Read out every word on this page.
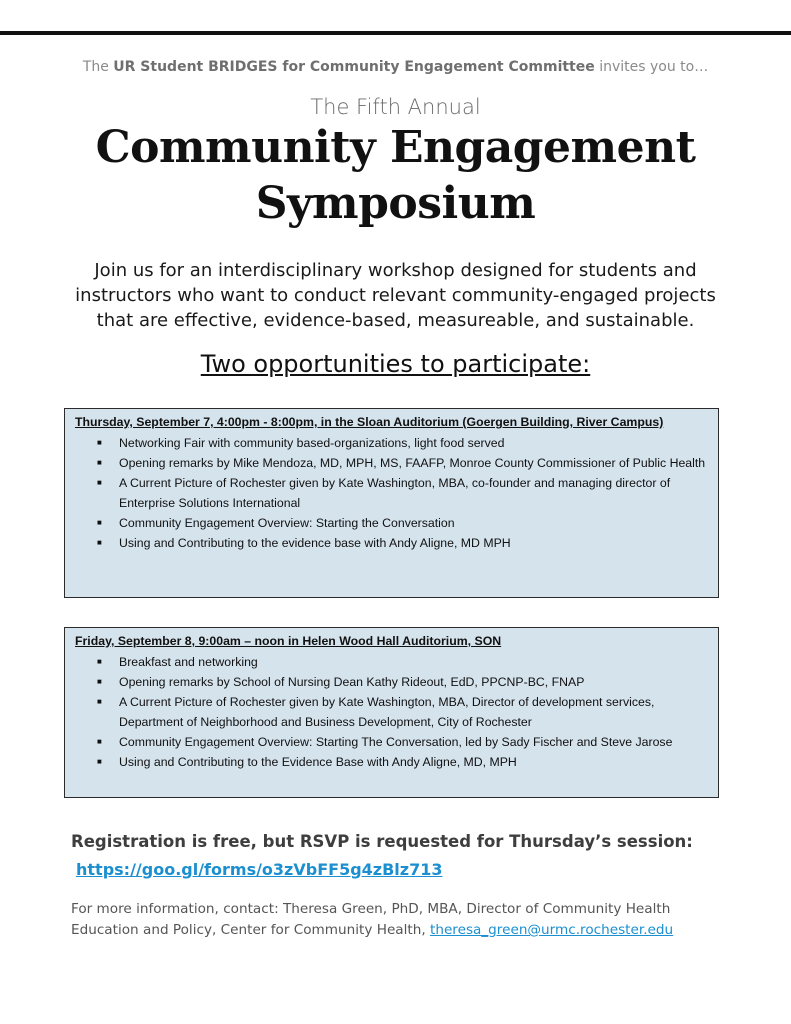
The UR Student BRIDGES for Community Engagement Committee invites you to…
The Fifth Annual
Community Engagement
Symposium
Join us for an interdisciplinary workshop designed for students and instructors who want to conduct relevant community-engaged projects that are effective, evidence-based, measureable, and sustainable.
Two opportunities to participate:
Thursday, September 7, 4:00pm - 8:00pm, in the Sloan Auditorium (Goergen Building, River Campus)
■ Networking Fair with community based-organizations, light food served
■ Opening remarks by Mike Mendoza, MD, MPH, MS, FAAFP, Monroe County Commissioner of Public Health
■ A Current Picture of Rochester given by Kate Washington, MBA, co-founder and managing director of Enterprise Solutions International
■ Community Engagement Overview: Starting the Conversation
■ Using and Contributing to the evidence base with Andy Aligne, MD MPH
Friday, September 8, 9:00am – noon in Helen Wood Hall Auditorium, SON
■ Breakfast and networking
■ Opening remarks by School of Nursing Dean Kathy Rideout, EdD, PPCNP-BC, FNAP
■ A Current Picture of Rochester given by Kate Washington, MBA, Director of development services, Department of Neighborhood and Business Development, City of Rochester
■ Community Engagement Overview: Starting The Conversation, led by Sady Fischer and Steve Jarose
■ Using and Contributing to the Evidence Base with Andy Aligne, MD, MPH
Registration is free, but RSVP is requested for Thursday’s session:
https://goo.gl/forms/o3zVbFF5g4zBlz713
For more information, contact: Theresa Green, PhD, MBA, Director of Community Health Education and Policy, Center for Community Health, theresa_green@urmc.rochester.edu
